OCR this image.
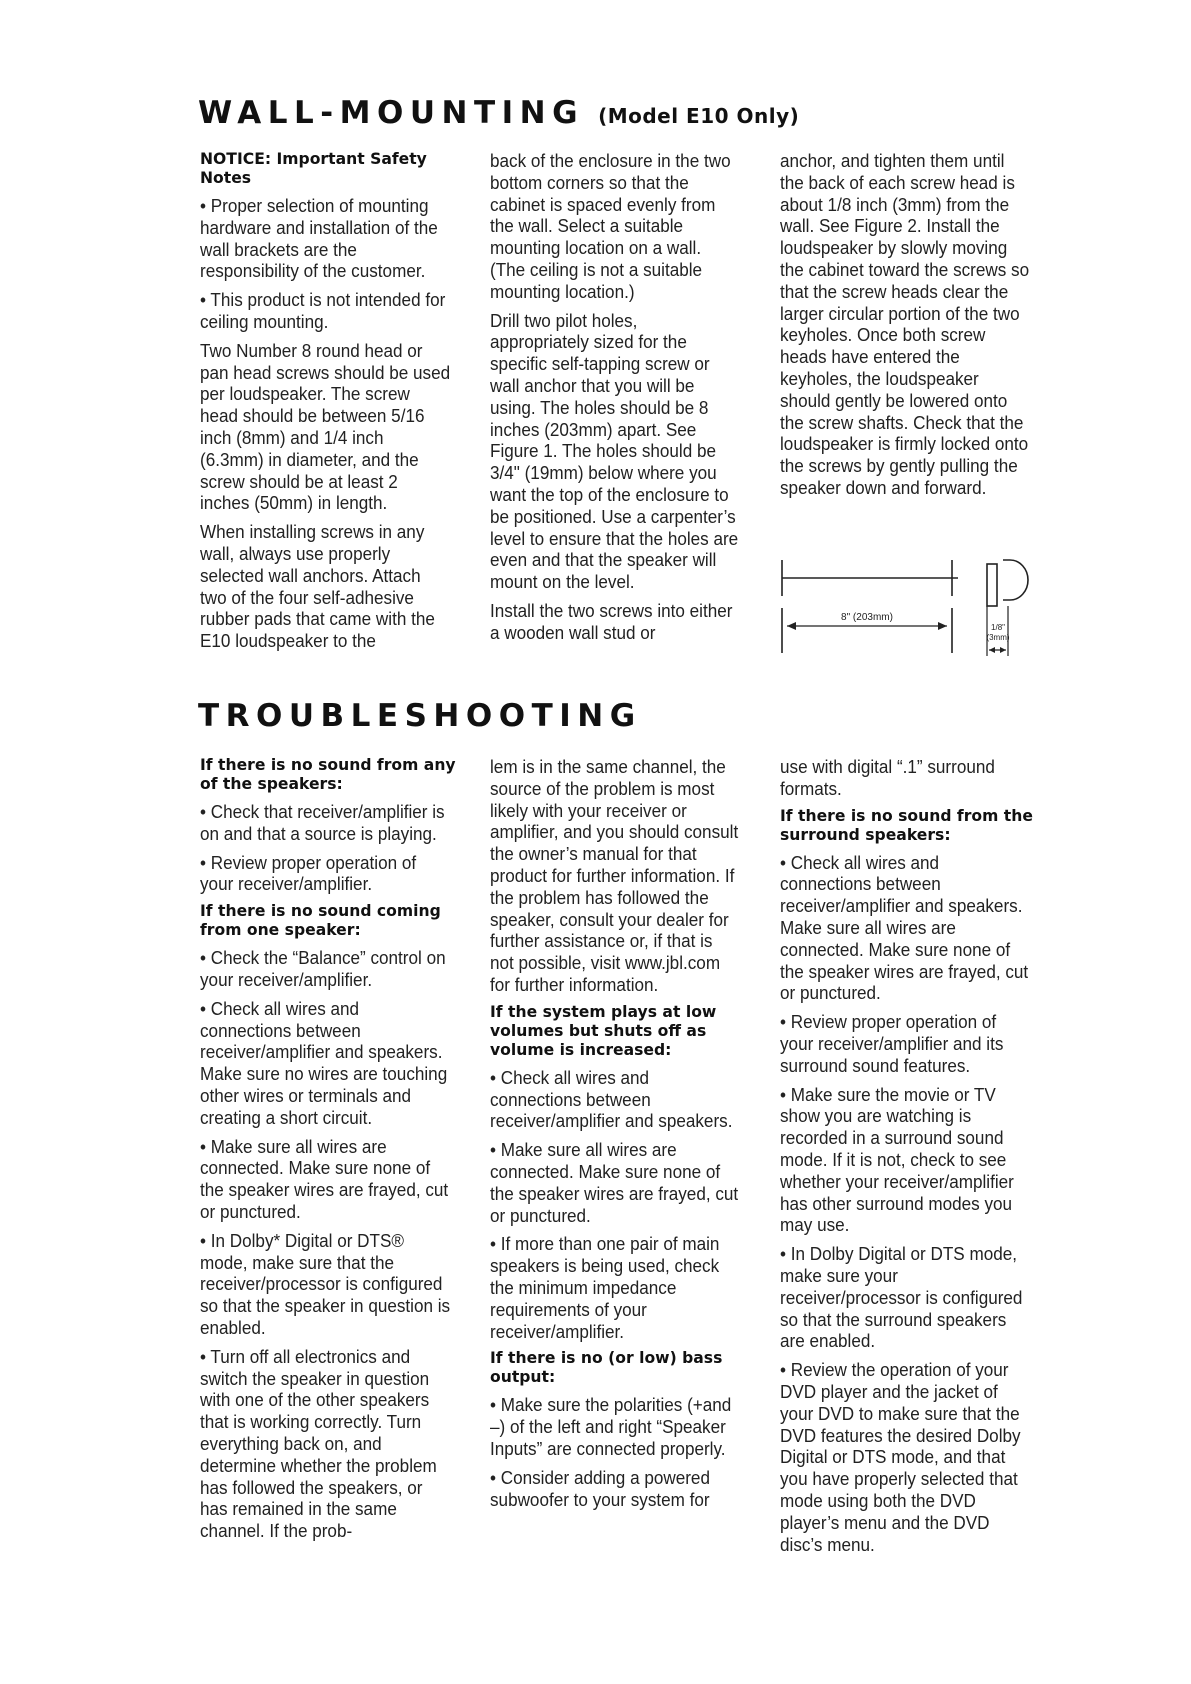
WALL-MOUNTING (Model E10 Only)

NOTICE: Important Safety Notes

• Proper selection of mounting hardware and installation of the wall brackets are the responsibility of the customer.

• This product is not intended for ceiling mounting.

Two Number 8 round head or pan head screws should be used per loudspeaker. The screw head should be between 5/16 inch (8mm) and 1/4 inch (6.3mm) in diameter, and the screw should be at least 2 inches (50mm) in length.

When installing screws in any wall, always use properly selected wall anchors. Attach two of the four self-adhesive rubber pads that came with the E10 loudspeaker to the

back of the enclosure in the two bottom corners so that the cabinet is spaced evenly from the wall. Select a suitable mounting location on a wall. (The ceiling is not a suitable mounting location.)

Drill two pilot holes, appropriately sized for the specific self-tapping screw or wall anchor that you will be using. The holes should be 8 inches (203mm) apart. See Figure 1. The holes should be 3/4" (19mm) below where you want the top of the enclosure to be positioned. Use a carpenter’s level to ensure that the holes are even and that the speaker will mount on the level.

Install the two screws into either a wooden wall stud or

anchor, and tighten them until the back of each screw head is about 1/8 inch (3mm) from the wall. See Figure 2. Install the loudspeaker by slowly moving the cabinet toward the screws so that the screw heads clear the larger circular portion of the two keyholes. Once both screw heads have entered the keyholes, the loudspeaker should gently be lowered onto the screw shafts. Check that the loudspeaker is firmly locked onto the screws by gently pulling the speaker down and forward.

8" (203mm)
1/8"
(3mm)
TROUBLESHOOTING

If there is no sound from any of the speakers:

• Check that receiver/amplifier is on and that a source is playing.

• Review proper operation of your receiver/amplifier.

If there is no sound coming from one speaker:

• Check the “Balance” control on your receiver/amplifier.

• Check all wires and connections between receiver/amplifier and speakers. Make sure no wires are touching other wires or terminals and creating a short circuit.

• Make sure all wires are connected. Make sure none of the speaker wires are frayed, cut or punctured.

• In Dolby* Digital or DTS® mode, make sure that the receiver/processor is configured so that the speaker in question is enabled.

• Turn off all electronics and switch the speaker in question with one of the other speakers that is working correctly. Turn everything back on, and determine whether the problem has followed the speakers, or has remained in the same channel. If the prob-

lem is in the same channel, the source of the problem is most likely with your receiver or amplifier, and you should consult the owner’s manual for that product for further information. If the problem has followed the speaker, consult your dealer for further assistance or, if that is not possible, visit www.jbl.com for further information.

If the system plays at low volumes but shuts off as volume is increased:

• Check all wires and connections between receiver/amplifier and speakers.

• Make sure all wires are connected. Make sure none of the speaker wires are frayed, cut or punctured.

• If more than one pair of main speakers is being used, check the minimum impedance requirements of your receiver/amplifier.

If there is no (or low) bass output:

• Make sure the polarities (+and –) of the left and right “Speaker Inputs” are connected properly.

• Consider adding a powered subwoofer to your system for

use with digital “.1” surround formats.

If there is no sound from the surround speakers:

• Check all wires and connections between receiver/amplifier and speakers. Make sure all wires are connected. Make sure none of the speaker wires are frayed, cut or punctured.

• Review proper operation of your receiver/amplifier and its surround sound features.

• Make sure the movie or TV show you are watching is recorded in a surround sound mode. If it is not, check to see whether your receiver/amplifier has other surround modes you may use.

• In Dolby Digital or DTS mode, make sure your receiver/processor is configured so that the surround speakers are enabled.

• Review the operation of your DVD player and the jacket of your DVD to make sure that the DVD features the desired Dolby Digital or DTS mode, and that you have properly selected that mode using both the DVD player’s menu and the DVD disc’s menu.
